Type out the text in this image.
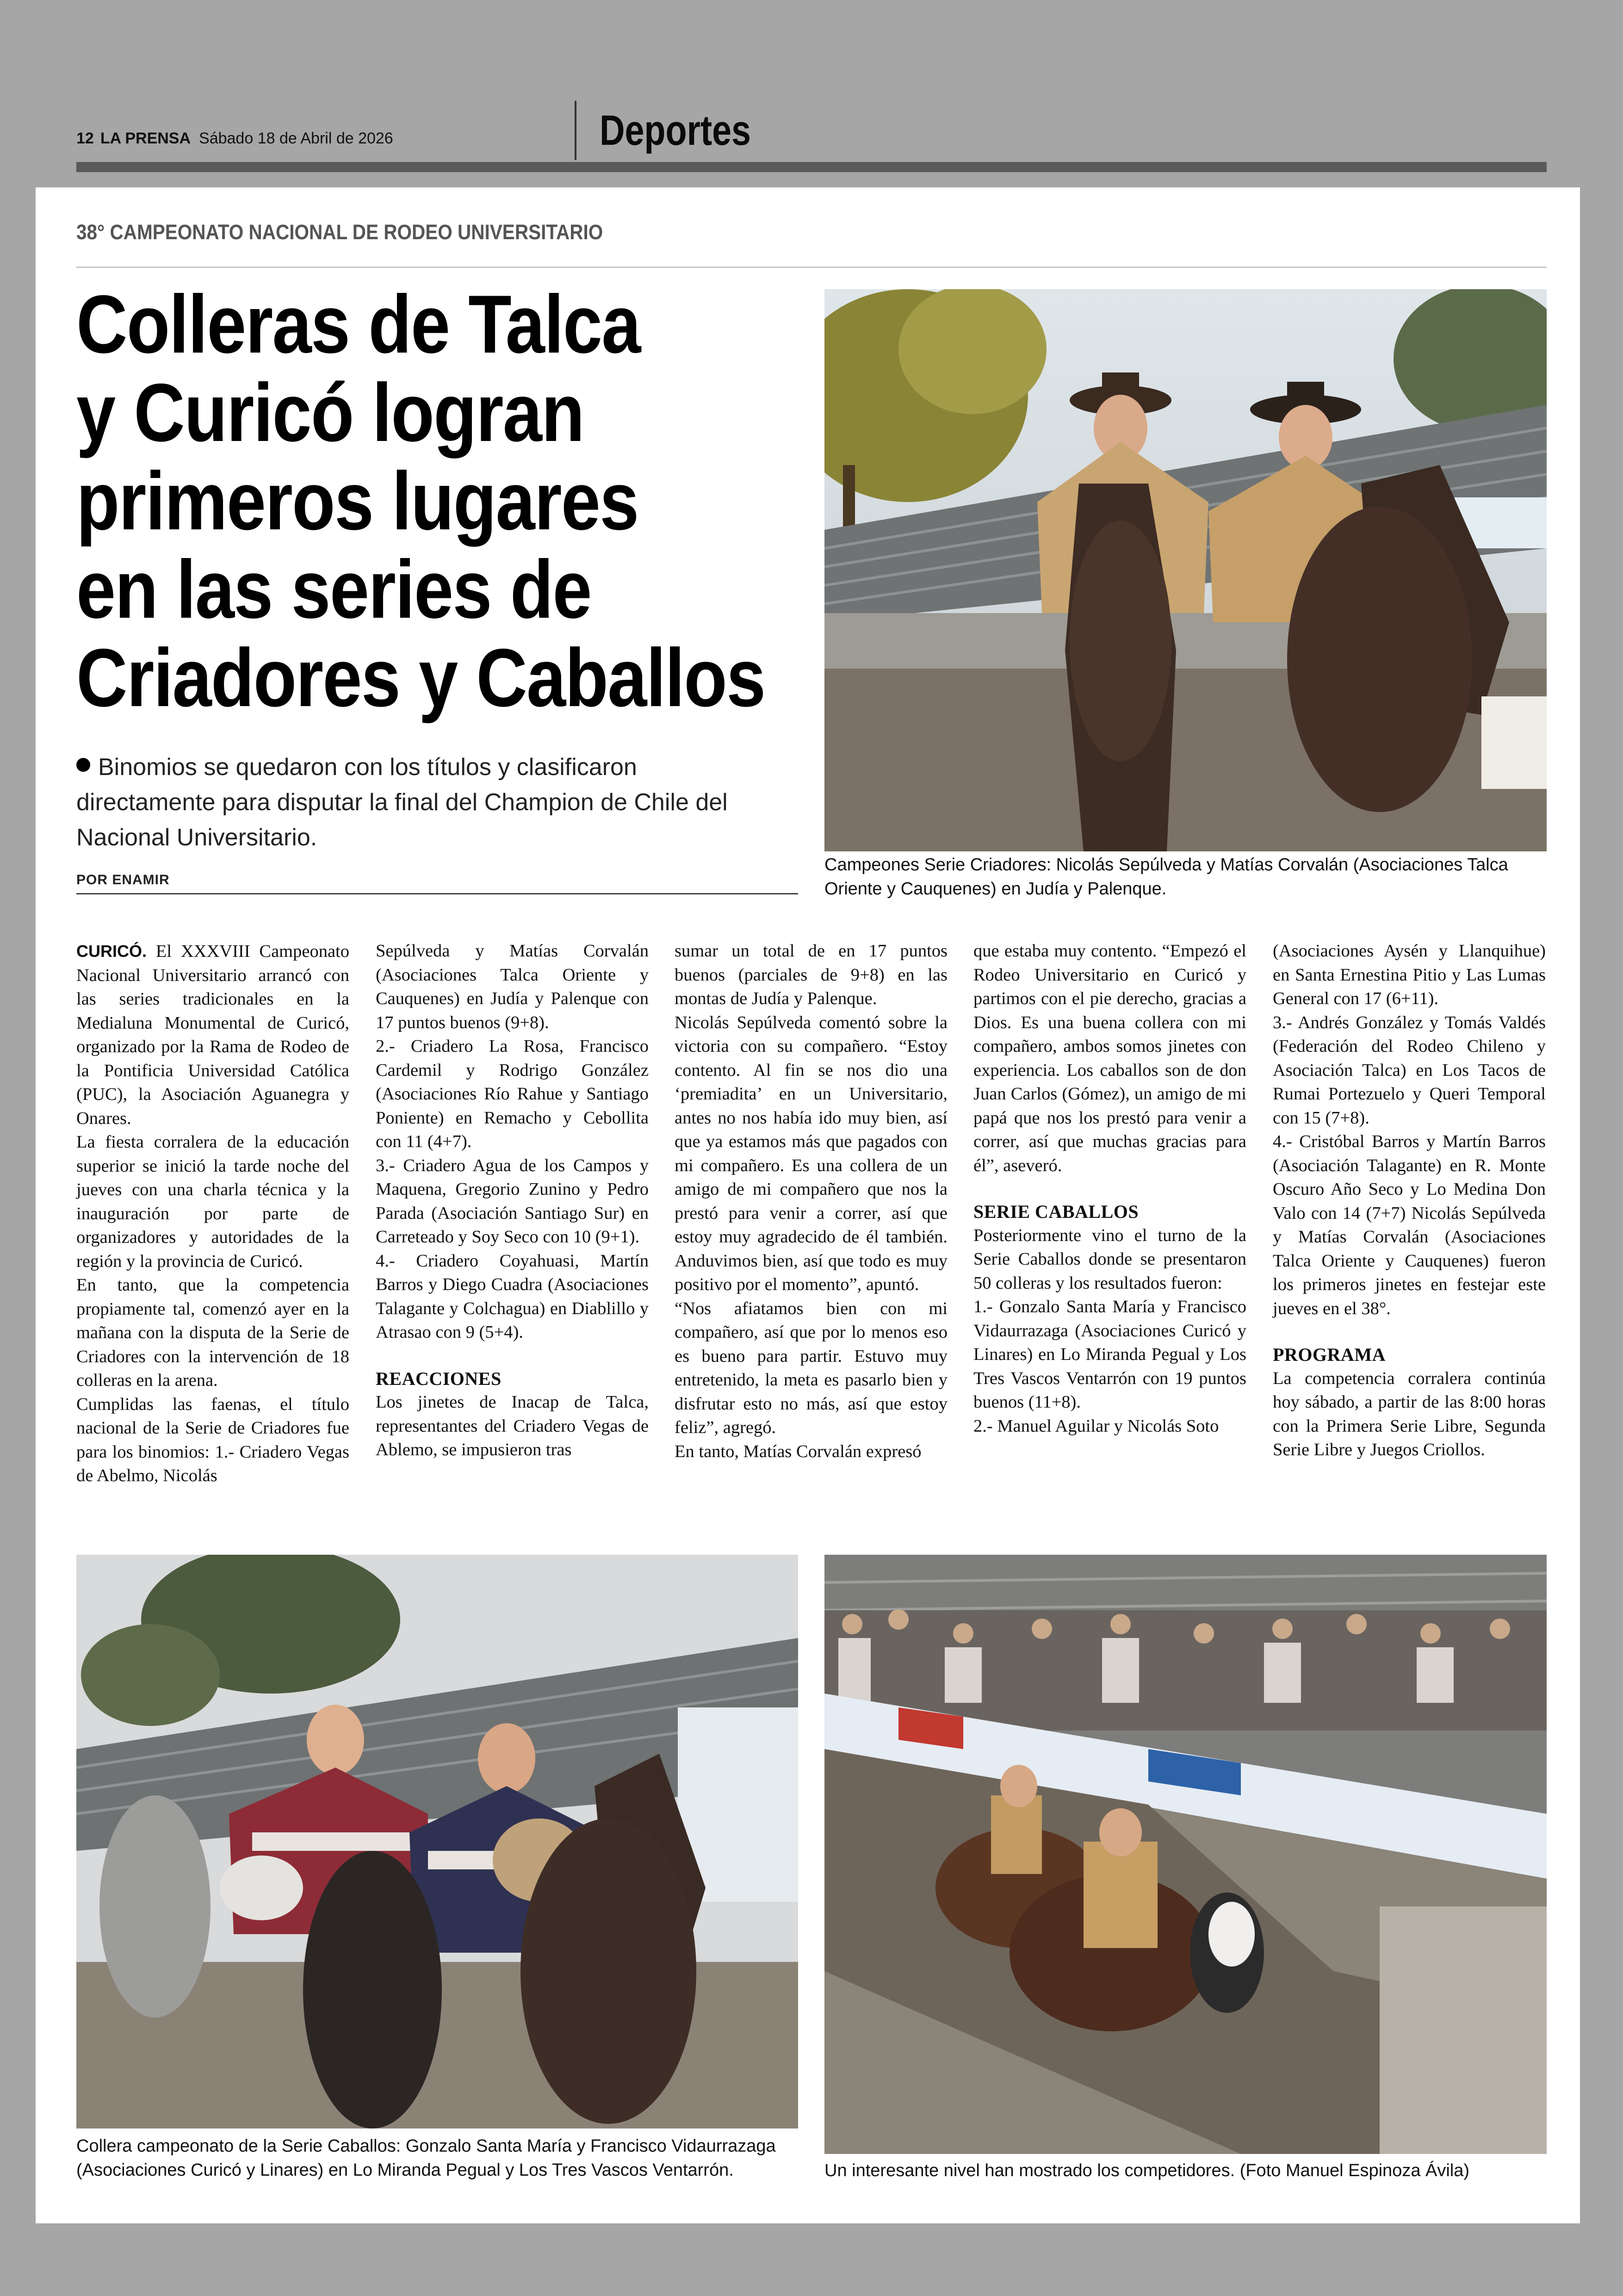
12 LA PRENSA Sábado 18 de Abril de 2026	Deportes
38° CAMPEONATO NACIONAL DE RODEO UNIVERSITARIO
Colleras de Talca
y Curicó logran
primeros lugares
en las series de
Criadores y Caballos
Binomios se quedaron con los títulos y clasificaron
directamente para disputar la final del Champion de Chile del
Nacional Universitario.
POR ENAMIR
Campeones Serie Criadores: Nicolás Sepúlveda y Matías Corvalán (Asociaciones Talca
Oriente y Cauquenes) en Judía y Palenque.

CURICÓ. El XXXVIII Campeonato Nacional Universitario arrancó con las series tradicionales en la Medialuna Monumental de Curicó, organizado por la Rama de Rodeo de la Pontificia Universidad Católica (PUC), la Asociación Aguanegra y Onares.

La fiesta corralera de la educación superior se inició la tarde noche del jueves con una charla técnica y la inauguración por parte de organizadores y autoridades de la región y la provincia de Curicó.

En tanto, que la competencia propiamente tal, comenzó ayer en la mañana con la disputa de la Serie de Criadores con la intervención de 18 colleras en la arena.

Cumplidas las faenas, el título nacional de la Serie de Criadores fue para los binomios: 1.- Criadero Vegas de Abelmo, Nicolás

Sepúlveda y Matías Corvalán (Asociaciones Talca Oriente y Cauquenes) en Judía y Palenque con 17 puntos buenos (9+8).

2.- Criadero La Rosa, Francisco Cardemil y Rodrigo González (Asociaciones Río Rahue y Santiago Poniente) en Remacho y Cebollita con 11 (4+7).

3.- Criadero Agua de los Campos y Maquena, Gregorio Zunino y Pedro Parada (Asociación Santiago Sur) en Carreteado y Soy Seco con 10 (9+1).

4.- Criadero Coyahuasi, Martín Barros y Diego Cuadra (Asociaciones Talagante y Colchagua) en Diablillo y Atrasao con 9 (5+4).

REACCIONES

Los jinetes de Inacap de Talca, representantes del Criadero Vegas de Ablemo, se impusieron tras

sumar un total de en 17 puntos buenos (parciales de 9+8) en las montas de Judía y Palenque.

Nicolás Sepúlveda comentó sobre la victoria con su compañero. “Estoy contento. Al fin se nos dio una ‘premiadita’ en un Universitario, antes no nos había ido muy bien, así que ya estamos más que pagados con mi compañero. Es una collera de un amigo de mi compañero que nos la prestó para venir a correr, así que estoy muy agradecido de él también. Anduvimos bien, así que todo es muy positivo por el momento”, apuntó.

“Nos afiatamos bien con mi compañero, así que por lo menos eso es bueno para partir. Estuvo muy entretenido, la meta es pasarlo bien y disfrutar esto no más, así que estoy feliz”, agregó.

En tanto, Matías Corvalán expresó

que estaba muy contento. “Empezó el Rodeo Universitario en Curicó y partimos con el pie derecho, gracias a Dios. Es una buena collera con mi compañero, ambos somos jinetes con experiencia. Los caballos son de don Juan Carlos (Gómez), un amigo de mi papá que nos los prestó para venir a correr, así que muchas gracias para él”, aseveró.

SERIE CABALLOS

Posteriormente vino el turno de la Serie Caballos donde se presentaron 50 colleras y los resultados fueron:

1.- Gonzalo Santa María y Francisco Vidaurrazaga (Asociaciones Curicó y Linares) en Lo Miranda Pegual y Los Tres Vascos Ventarrón con 19 puntos buenos (11+8).

2.- Manuel Aguilar y Nicolás Soto

(Asociaciones Aysén y Llanquihue) en Santa Ernestina Pitio y Las Lumas General con 17 (6+11).

3.- Andrés González y Tomás Valdés (Federación del Rodeo Chileno y Asociación Talca) en Los Tacos de Rumai Portezuelo y Queri Temporal con 15 (7+8).

4.- Cristóbal Barros y Martín Barros (Asociación Talagante) en R. Monte Oscuro Año Seco y Lo Medina Don Valo con 14 (7+7) Nicolás Sepúlveda y Matías Corvalán (Asociaciones Talca Oriente y Cauquenes) fueron los primeros jinetes en festejar este jueves en el 38°.

PROGRAMA

La competencia corralera continúa hoy sábado, a partir de las 8:00 horas con la Primera Serie Libre, Segunda Serie Libre y Juegos Criollos.

Collera campeonato de la Serie Caballos: Gonzalo Santa María y Francisco Vidaurrazaga
(Asociaciones Curicó y Linares) en Lo Miranda Pegual y Los Tres Vascos Ventarrón.	Un interesante nivel han mostrado los competidores. (Foto Manuel Espinoza Ávila)
